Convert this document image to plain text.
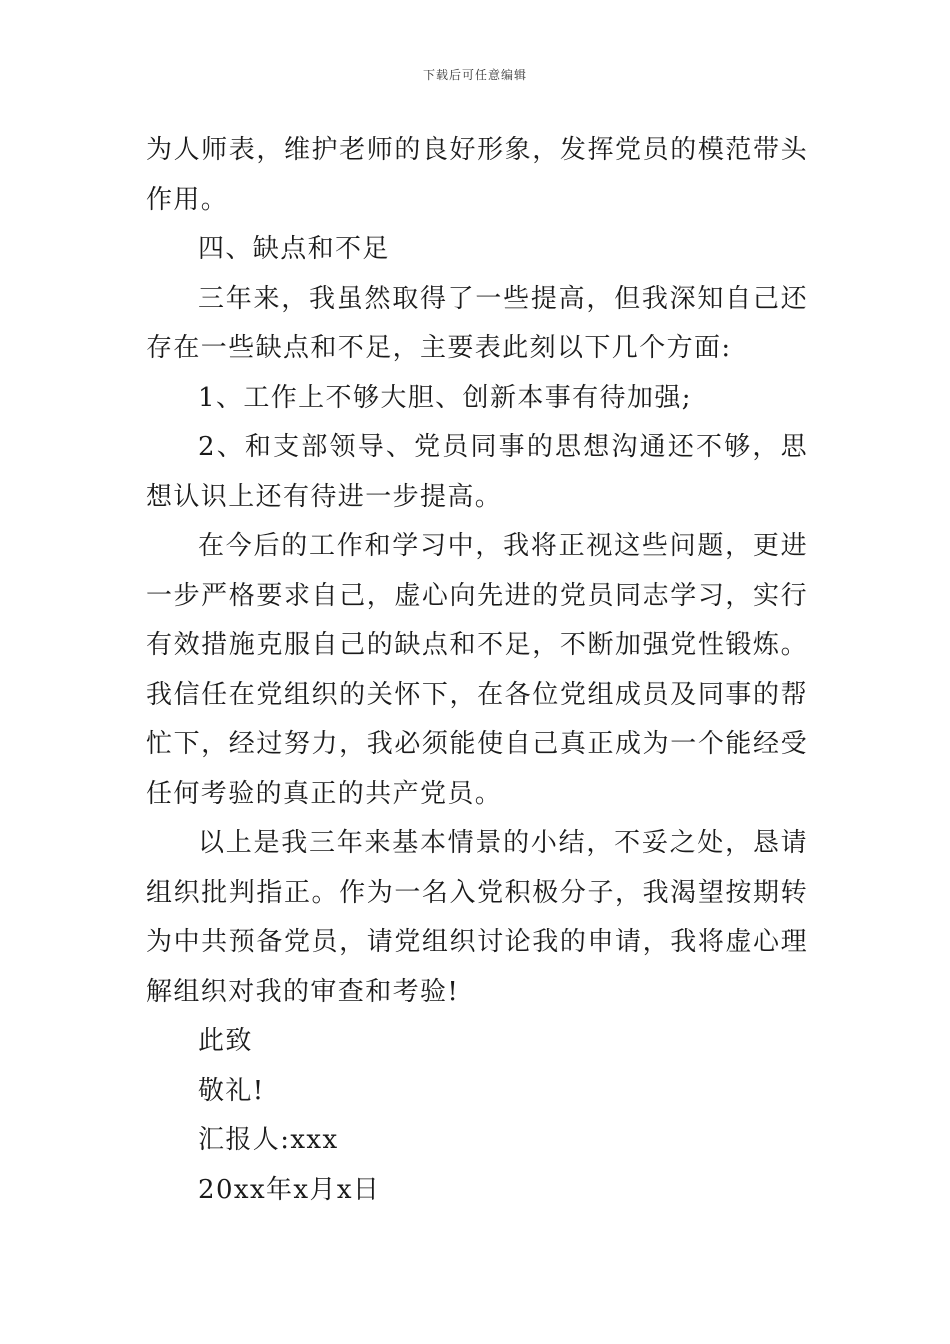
下载后可任意编辑

为人师表，维护老师的良好形象，发挥党员的模范带头作用。

四、缺点和不足

三年来，我虽然取得了一些提高，但我深知自己还存在一些缺点和不足，主要表此刻以下几个方面:

1、工作上不够大胆、创新本事有待加强;

2、和支部领导、党员同事的思想沟通还不够，思想认识上还有待进一步提高。

在今后的工作和学习中，我将正视这些问题，更进一步严格要求自己，虚心向先进的党员同志学习，实行有效措施克服自己的缺点和不足，不断加强党性锻炼。我信任在党组织的关怀下，在各位党组成员及同事的帮忙下，经过努力，我必须能使自己真正成为一个能经受任何考验的真正的共产党员。

以上是我三年来基本情景的小结，不妥之处，恳请组织批判指正。作为一名入党积极分子，我渴望按期转为中共预备党员，请党组织讨论我的申请，我将虚心理解组织对我的审查和考验!

此致

敬礼!

汇报人:xxx

20xx年x月x日
